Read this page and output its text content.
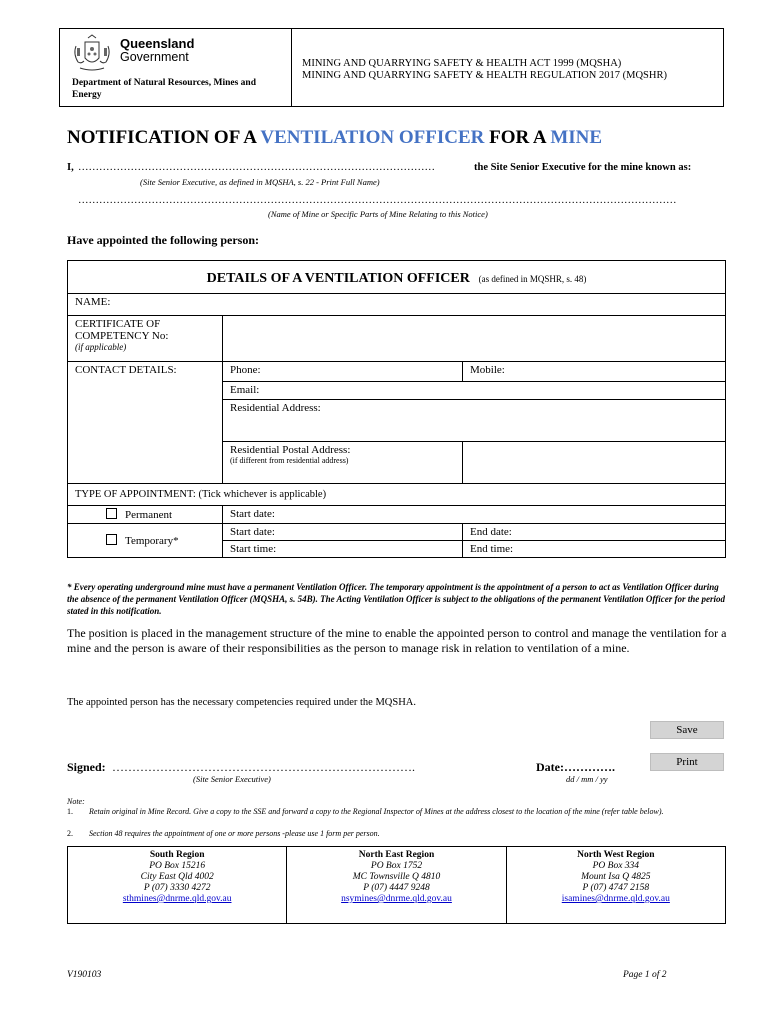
Queensland
Government
Department of Natural Resources, Mines and Energy
MINING AND QUARRYING SAFETY & HEALTH ACT 1999 (MQSHA)
MINING AND QUARRYING SAFETY & HEALTH REGULATION 2017 (MQSHR)
NOTIFICATION OF A VENTILATION OFFICER FOR A MINE
I, …………………………………………………………………………………………	the Site Senior Executive for the mine known as:
(Site Senior Executive, as defined in MQSHA, s. 22 - Print Full Name)
………………………………………………………………………………………………………………………………………………………
(Name of Mine or Specific Parts of Mine Relating to this Notice)
Have appointed the following person:
DETAILS OF A VENTILATION OFFICER (as defined in MQSHR, s. 48)		
NAME:		

CERTIFICATE OF
COMPETENCY No:
(if applicable)		

CONTACT DETAILS:	Phone:	Mobile:
	Email:	
	Residential Address:	

	Residential Postal Address:
(if different from residential address)	

TYPE OF APPOINTMENT: (Tick whichever is applicable)		
Permanent	Start date:	
Temporary*	Start date:	End date:
	Start time:	End time:
* Every operating underground mine must have a permanent Ventilation Officer. The temporary appointment is the appointment of a person to act as Ventilation Officer during the absence of the permanent Ventilation Officer (MQSHA, s. 54B). The Acting Ventilation Officer is subject to the obligations of the permanent Ventilation Officer for the period stated in this notification.
The position is placed in the management structure of the mine to enable the appointed person to control and manage the ventilation for a mine and the person is aware of their responsibilities as the person to manage risk in relation to ventilation of a mine.
The appointed person has the necessary competencies required under the MQSHA.
Save
Print
Signed: ………………………………………………………………….
(Site Senior Executive)
Date:………….
dd / mm / yy
Note:
1. Retain original in Mine Record. Give a copy to the SSE and forward a copy to the Regional Inspector of Mines at the address closest to the location of the mine (refer table below).
2. Section 48 requires the appointment of one or more persons -please use 1 form per person.
South Region
PO Box 15216
City East Qld 4002
P (07) 3330 4272
sthmines@dnrme.qld.gov.au

North East Region
PO Box 1752
MC Townsville Q 4810
P (07) 4447 9248
nsymines@dnrme.qld.gov.au

North West Region
PO Box 334
Mount Isa Q 4825
P (07) 4747 2158
isamines@dnrme.qld.gov.au
V190103	Page 1 of 2
